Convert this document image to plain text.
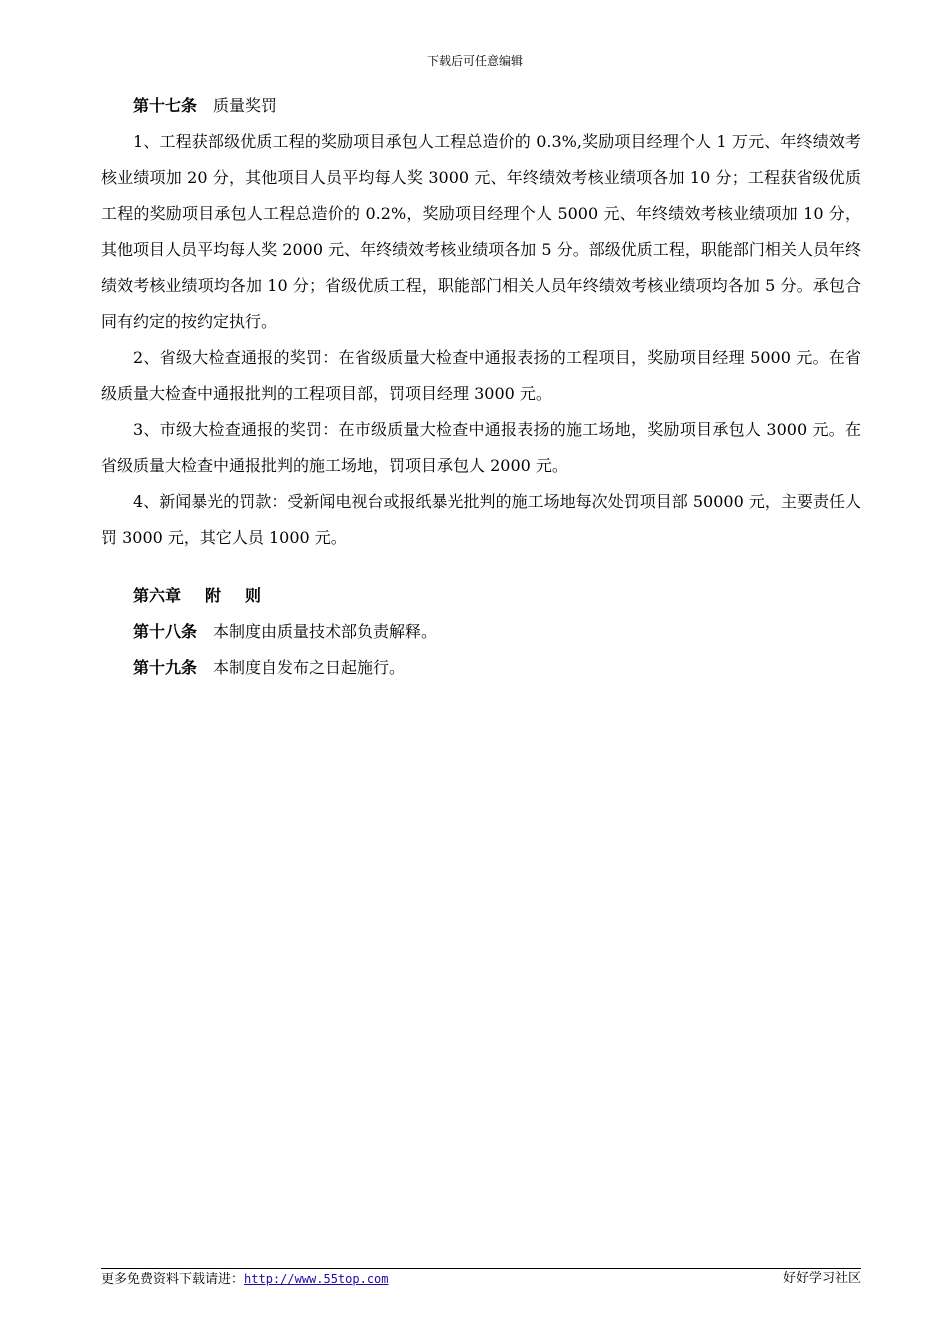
下载后可任意编辑

第十七条 质量奖罚

1、工程获部级优质工程的奖励项目承包人工程总造价的 0.3%,奖励项目经理个人 1 万元、年终绩效考核业绩项加 20 分，其他项目人员平均每人奖 3000 元、年终绩效考核业绩项各加 10 分；工程获省级优质工程的奖励项目承包人工程总造价的 0.2%，奖励项目经理个人 5000 元、年终绩效考核业绩项加 10 分，其他项目人员平均每人奖 2000 元、年终绩效考核业绩项各加 5 分。部级优质工程，职能部门相关人员年终绩效考核业绩项均各加 10 分；省级优质工程，职能部门相关人员年终绩效考核业绩项均各加 5 分。承包合同有约定的按约定执行。

2、省级大检查通报的奖罚：在省级质量大检查中通报表扬的工程项目，奖励项目经理 5000 元。在省级质量大检查中通报批判的工程项目部，罚项目经理 3000 元。

3、市级大检查通报的奖罚：在市级质量大检查中通报表扬的施工场地，奖励项目承包人 3000 元。在省级质量大检查中通报批判的施工场地，罚项目承包人 2000 元。

4、新闻暴光的罚款：受新闻电视台或报纸暴光批判的施工场地每次处罚项目部 50000 元，主要责任人罚 3000 元，其它人员 1000 元。

第六章 附 则

第十八条 本制度由质量技术部负责解释。

第十九条 本制度自发布之日起施行。

更多免费资料下载请进：http://www.55top.com	好好学习社区
